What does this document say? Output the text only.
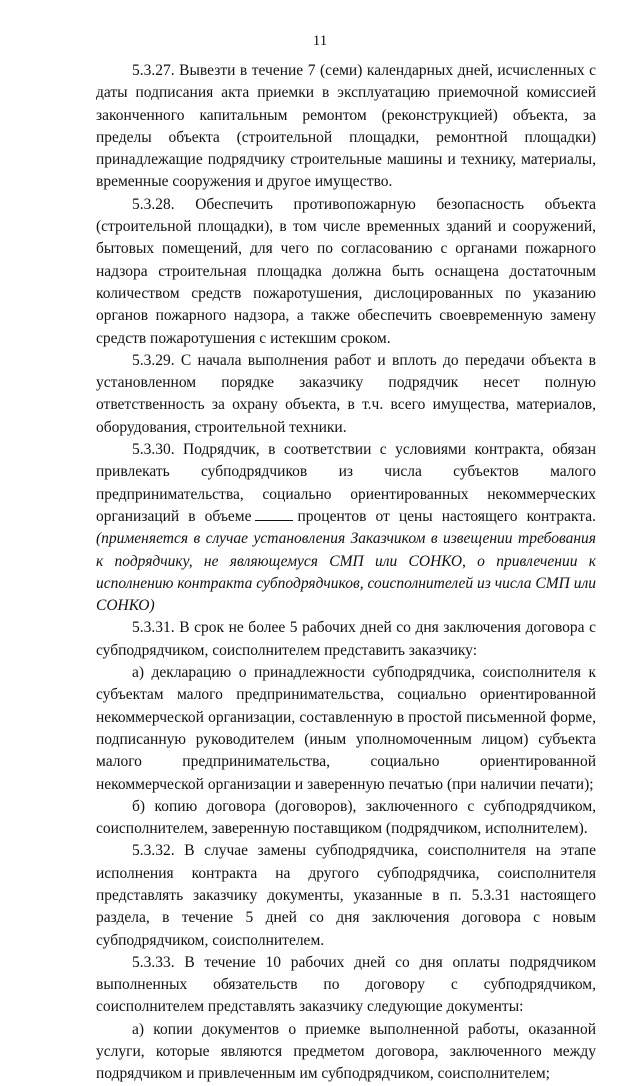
11

5.3.27. Вывезти в течение 7 (семи) календарных дней, исчисленных с даты подписания акта приемки в эксплуатацию приемочной комиссией законченного капитальным ремонтом (реконструкцией) объекта, за пределы объекта (строительной площадки, ремонтной площадки) принадлежащие подрядчику строительные машины и технику, материалы, временные сооружения и другое имущество.

5.3.28. Обеспечить противопожарную безопасность объекта (строительной площадки), в том числе временных зданий и сооружений, бытовых помещений, для чего по согласованию с органами пожарного надзора строительная площадка должна быть оснащена достаточным количеством средств пожаротушения, дислоцированных по указанию органов пожарного надзора, а также обеспечить своевременную замену средств пожаротушения с истекшим сроком.

5.3.29. С начала выполнения работ и вплоть до передачи объекта в установленном порядке заказчику подрядчик несет полную ответственность за охрану объекта, в т.ч. всего имущества, материалов, оборудования, строительной техники.

5.3.30. Подрядчик, в соответствии с условиями контракта, обязан привлекать субподрядчиков из числа субъектов малого предпринимательства, социально ориентированных некоммерческих организаций в объеме	процентов от цены настоящего контракта. (применяется в случае установления Заказчиком в извещении требования к подрядчику, не являющемуся СМП или СОНКО, о привлечении к исполнению контракта субподрядчиков, соисполнителей из числа СМП или СОНКО)

5.3.31. В срок не более 5 рабочих дней со дня заключения договора с субподрядчиком, соисполнителем представить заказчику:

а) декларацию о принадлежности субподрядчика, соисполнителя к субъектам малого предпринимательства, социально ориентированной некоммерческой организации, составленную в простой письменной форме, подписанную руководителем (иным уполномоченным лицом) субъекта малого предпринимательства, социально ориентированной некоммерческой организации и заверенную печатью (при наличии печати);

б) копию договора (договоров), заключенного с субподрядчиком, соисполнителем, заверенную поставщиком (подрядчиком, исполнителем).

5.3.32. В случае замены субподрядчика, соисполнителя на этапе исполнения контракта на другого субподрядчика, соисполнителя представлять заказчику документы, указанные в п. 5.3.31 настоящего раздела, в течение 5 дней со дня заключения договора с новым субподрядчиком, соисполнителем.

5.3.33. В течение 10 рабочих дней со дня оплаты подрядчиком выполненных обязательств по договору с субподрядчиком, соисполнителем представлять заказчику следующие документы:

а) копии документов о приемке выполненной работы, оказанной услуги, которые являются предметом договора, заключенного между подрядчиком и привлеченным им субподрядчиком, соисполнителем;
